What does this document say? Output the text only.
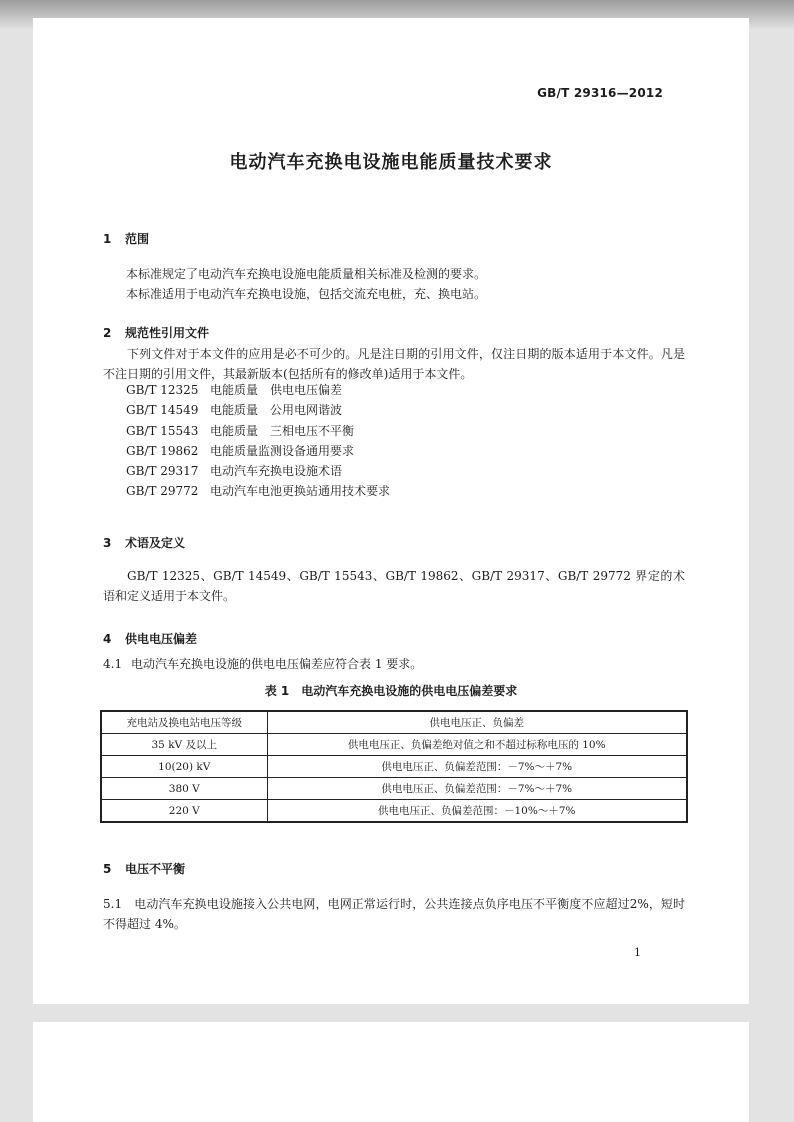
GB/T 29316—2012
电动汽车充换电设施电能质量技术要求
1 范围
本标准规定了电动汽车充换电设施电能质量相关标准及检测的要求。
本标准适用于电动汽车充换电设施，包括交流充电桩，充、换电站。
2 规范性引用文件
下列文件对于本文件的应用是必不可少的。凡是注日期的引用文件，仅注日期的版本适用于本文件。凡是不注日期的引用文件，其最新版本(包括所有的修改单)适用于本文件。
GB/T 12325 电能质量　供电电压偏差
GB/T 14549 电能质量　公用电网谐波
GB/T 15543 电能质量　三相电压不平衡
GB/T 19862 电能质量监测设备通用要求
GB/T 29317 电动汽车充换电设施术语
GB/T 29772 电动汽车电池更换站通用技术要求
3 术语及定义
GB/T 12325、GB/T 14549、GB/T 15543、GB/T 19862、GB/T 29317、GB/T 29772 界定的术语和定义适用于本文件。
4 供电电压偏差
4.1 电动汽车充换电设施的供电电压偏差应符合表 1 要求。
表 1　电动汽车充换电设施的供电电压偏差要求
充电站及换电站电压等级	供电电压正、负偏差
35 kV 及以上	供电电压正、负偏差绝对值之和不超过标称电压的 10%
10(20) kV	供电电压正、负偏差范围：－7%～＋7%
380 V	供电电压正、负偏差范围：－7%～＋7%
220 V	供电电压正、负偏差范围：－10%～＋7%
5 电压不平衡
5.1　 电动汽车充换电设施接入公共电网，电网正常运行时，公共连接点负序电压不平衡度不应超过2%，短时不得超过 4%。
1
